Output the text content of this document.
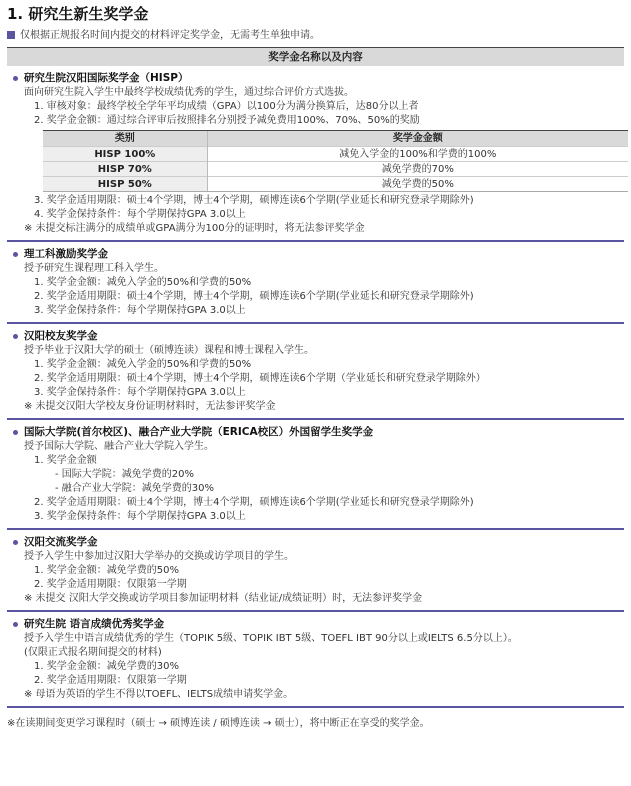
1. 研究生新生奖学金
仅根据正规报名时间内提交的材料评定奖学金，无需考生单独申请。
奖学金名称以及内容
研究生院汉阳国际奖学金（HISP）
面向研究生院入学生中最终学校成绩优秀的学生，通过综合评价方式选拔。
1. 审核对象：最终学校全学年平均成绩（GPA）以100分为满分换算后，达80分以上者
2. 奖学金金额：通过综合评审后按照排名分别授予减免费用100%、70%、50%的奖励
类别	奖学金金额
HISP 100%	减免入学金的100%和学费的100%
HISP 70%	减免学费的70%
HISP 50%	减免学费的50%
3. 奖学金适用期限：硕士4个学期，博士4个学期，硕博连读6个学期(学业延长和研究登录学期除外)
4. 奖学金保持条件：每个学期保持GPA 3.0以上
※ 未提交标注满分的成绩单或GPA满分为100分的证明时，将无法参评奖学金
理工科激励奖学金
授予研究生课程理工科入学生。
1. 奖学金金额：减免入学金的50%和学费的50%
2. 奖学金适用期限：硕士4个学期，博士4个学期，硕博连读6个学期(学业延长和研究登录学期除外)
3. 奖学金保持条件：每个学期保持GPA 3.0以上
汉阳校友奖学金
授予毕业于汉阳大学的硕士（硕博连读）课程和博士课程入学生。
1. 奖学金金额：减免入学金的50%和学费的50%
2. 奖学金适用期限：硕士4个学期，博士4个学期，硕博连读6个学期（学业延长和研究登录学期除外）
3. 奖学金保持条件：每个学期保持GPA 3.0以上
※ 未提交汉阳大学校友身份证明材料时，无法参评奖学金
国际大学院(首尔校区)、融合产业大学院（ERICA校区）外国留学生奖学金
授予国际大学院、融合产业大学院入学生。
1. 奖学金金额
- 国际大学院：减免学费的20%
- 融合产业大学院：减免学费的30%
2. 奖学金适用期限：硕士4个学期，博士4个学期，硕博连读6个学期(学业延长和研究登录学期除外)
3. 奖学金保持条件：每个学期保持GPA 3.0以上
汉阳交流奖学金
授予入学生中参加过汉阳大学举办的交换或访学项目的学生。
1. 奖学金金额：减免学费的50%
2. 奖学金适用期限：仅限第一学期
※ 未提交 汉阳大学交换或访学项目参加证明材料（结业证/成绩证明）时，无法参评奖学金
研究生院 语言成绩优秀奖学金
授予入学生中语言成绩优秀的学生（TOPIK 5级、TOPIK IBT 5级、TOEFL IBT 90分以上或IELTS 6.5分以上）。
(仅限正式报名期间提交的材料)
1. 奖学金金额：减免学费的30%
2. 奖学金适用期限：仅限第一学期
※ 母语为英语的学生不得以TOEFL、IELTS成绩申请奖学金。
※在读期间变更学习课程时（硕士 → 硕博连读 / 硕博连读 → 硕士），将中断正在享受的奖学金。
